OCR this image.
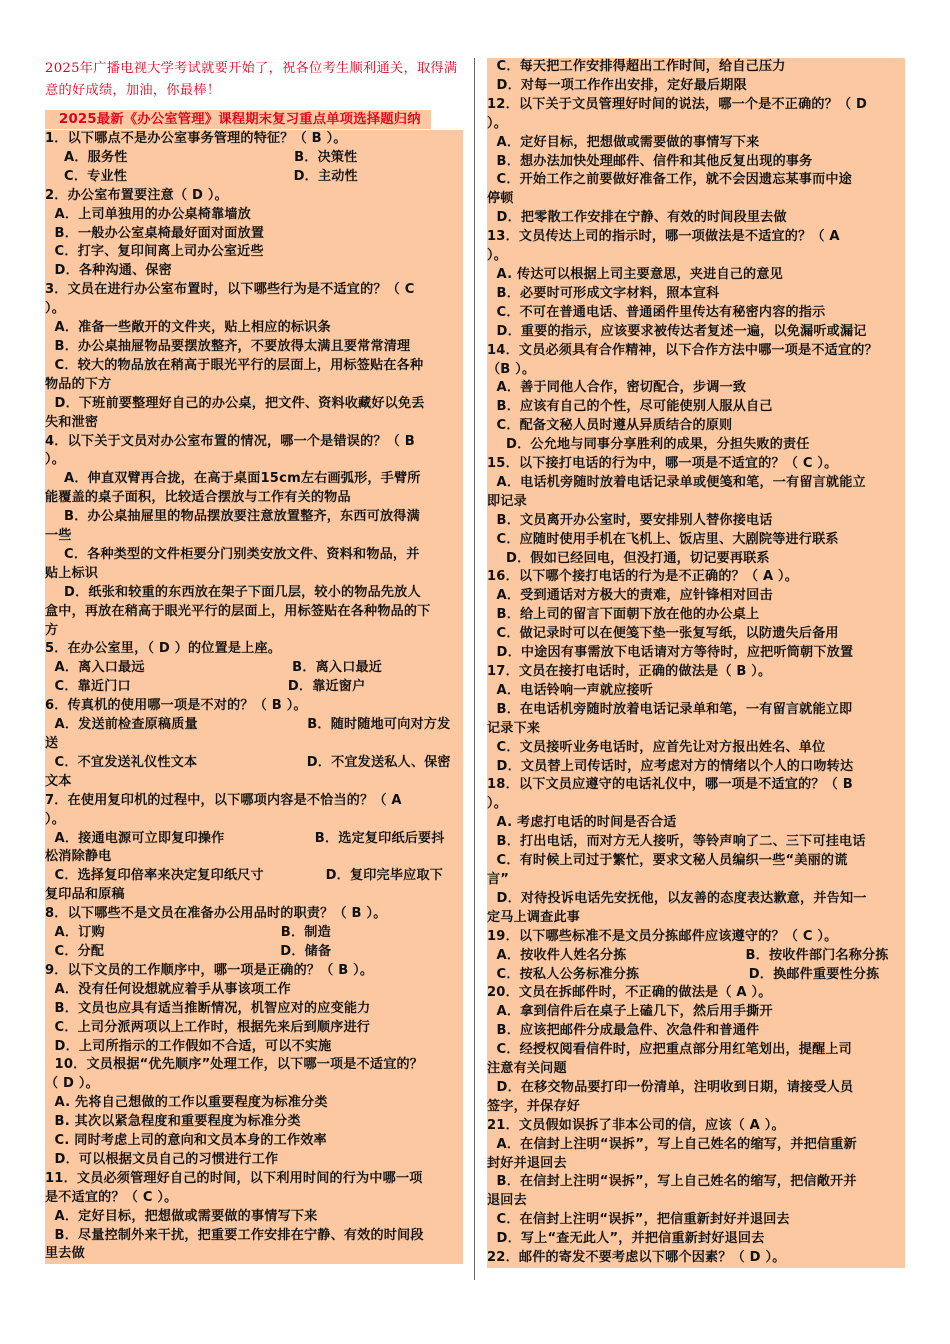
2025年广播电视大学考试就要开始了，祝各位考生顺利通关，取得满意的好成绩，加油，你最棒！
2025最新《办公室管理》课程期末复习重点单项选择题归纳
1．以下哪点不是办公室事务管理的特征？（ B ）。
A．服务性                                   B．决策性
C．专业性                                   D．主动性
2．办公室布置要注意（ D ）。
A．上司单独用的办公桌椅靠墙放
B．一般办公室桌椅最好面对面放置
C．打字、复印间离上司办公室近些
D．各种沟通、保密
3．文员在进行办公室布置时，以下哪些行为是不适宜的？（ C
）。
A．准备一些敞开的文件夹，贴上相应的标识条
B．办公桌抽屉物品要摆放整齐，不要放得太满且要常常清理
C．较大的物品放在稍高于眼光平行的层面上，用标签贴在各种
物品的下方
D．下班前要整理好自己的办公桌，把文件、资料收藏好以免丢
失和泄密
4．以下关于文员对办公室布置的情况，哪一个是错误的？（ B
）。
A．伸直双臂再合拢，在高于桌面15cm左右画弧形，手臂所
能覆盖的桌子面积，比较适合摆放与工作有关的物品
B．办公桌抽屉里的物品摆放要注意放置整齐，东西可放得满
一些
C．各种类型的文件柜要分门别类安放文件、资料和物品，并
贴上标识
D．纸张和较重的东西放在架子下面几层，较小的物品先放人
盒中，再放在稍高于眼光平行的层面上，用标签贴在各种物品的下
方
5．在办公室里，（ D ）的位置是上座。
A．离入口最远                               B．离入口最近
C．靠近门口                                 D．靠近窗户
6．传真机的使用哪一项是不对的？（ B ）。
A．发送前检查原稿质量                       B．随时随地可向对方发
送
C．不宜发送礼仪性文本                       D．不宜发送私人、保密
文本
7．在使用复印机的过程中，以下哪项内容是不恰当的？（ A
）。
A．接通电源可立即复印操作                   B．选定复印纸后要抖
松消除静电
C．选择复印倍率来决定复印纸尺寸             D．复印完毕应取下
复印品和原稿
8．以下哪些不是文员在准备办公用品时的职责？（ B ）。
A．订购                                     B．制造
C．分配                                     D．储备
9．以下文员的工作顺序中，哪一项是正确的？（ B ）。
A．没有任何设想就应着手从事该项工作
B．文员也应具有适当推断情况，机智应对的应变能力
C．上司分派两项以上工作时，根据先来后到顺序进行
D．上司所指示的工作假如不合适，可以不实施
10．文员根据“优先顺序”处理工作，以下哪一项是不适宜的？
（ D ）。
A. 先将自己想做的工作以重要程度为标准分类
B. 其次以紧急程度和重要程度为标准分类
C. 同时考虑上司的意向和文员本身的工作效率
D．可以根据文员自己的习惯进行工作
11．文员必须管理好自己的时间，以下利用时间的行为中哪一项
是不适宜的？（ C ）。
A．定好目标，把想做或需要做的事情写下来
B．尽量控制外来干扰，把重要工作安排在宁静、有效的时间段
里去做
C．每天把工作安排得超出工作时间，给自己压力
D．对每一项工作作出安排，定好最后期限
12．以下关于文员管理好时间的说法，哪一个是不正确的？（ D
）。
A．定好目标，把想做或需要做的事情写下来
B．想办法加快处理邮件、信件和其他反复出现的事务
C．开始工作之前要做好准备工作，就不会因遗忘某事而中途
停顿
D．把零散工作安排在宁静、有效的时间段里去做
13．文员传达上司的指示时，哪一项做法是不适宜的？（ A
）。
A. 传达可以根据上司主要意思，夹进自己的意见
B．必要时可形成文字材料，照本宣科
C．不可在普通电话、普通函件里传达有秘密内容的指示
D．重要的指示，应该要求被传达者复述一遍，以免漏听或漏记
14．文员必须具有合作精神，以下合作方法中哪一项是不适宜的？
（B ）。
A．善于同他人合作，密切配合，步调一致
B．应该有自己的个性，尽可能使别人服从自己
C．配备文秘人员时遵从异质结合的原则
D．公允地与同事分享胜利的成果，分担失败的责任
15．以下接打电话的行为中，哪一项是不适宜的？（ C ）。
A．电话机旁随时放着电话记录单或便笺和笔，一有留言就能立
即记录
B．文员离开办公室时，要安排别人替你接电话
C．应随时使用手机在飞机上、饭店里、大剧院等进行联系
D．假如已经回电，但没打通，切记要再联系
16．以下哪个接打电话的行为是不正确的？（ A ）。
A．受到通话对方极大的责难，应针锋相对回击
B．给上司的留言下面朝下放在他的办公桌上
C．做记录时可以在便笺下垫一张复写纸，以防遗失后备用
D．中途因有事需放下电话请对方等待时，应把听筒朝下放置
17．文员在接打电话时，正确的做法是（ B ）。
A．电话铃响一声就应接听
B．在电话机旁随时放着电话记录单和笔，一有留言就能立即
记录下来
C．文员接听业务电话时，应首先让对方报出姓名、单位
D．文员替上司传话时，应考虑对方的情绪以个人的口吻转达
18．以下文员应遵守的电话礼仪中，哪一项是不适宜的？（ B
）。
A. 考虑打电话的时间是否合适
B．打出电话，而对方无人接听，等铃声响了二、三下可挂电话
C．有时候上司过于繁忙，要求文秘人员编织一些“美丽的谎
言”
D．对待投诉电话先安抚他，以友善的态度表达歉意，并告知一
定马上调查此事
19．以下哪些标准不是文员分拣邮件应该遵守的？（ C ）。
A．按收件人姓名分拣                         B．按收件部门名称分拣
C．按私人公务标准分拣                       D．换邮件重要性分拣
20．文员在拆邮件时，不正确的做法是（ A ）。
A．拿到信件后在桌子上磕几下，然后用手撕开
B．应该把邮件分成最急件、次急件和普通件
C．经授权阅看信件时，应把重点部分用红笔划出，提醒上司
注意有关问题
D．在移交物品要打印一份清单，注明收到日期，请接受人员
签字，并保存好
21．文员假如误拆了非本公司的信，应该（ A ）。
A．在信封上注明“误拆”，写上自己姓名的缩写，并把信重新
封好并退回去
B．在信封上注明“误拆”，写上自己姓名的缩写，把信敞开并
退回去
C．在信封上注明“误拆”，把信重新封好并退回去
D．写上“查无此人”，并把信重新封好退回去
22．邮件的寄发不要考虑以下哪个因素？（ D ）。
